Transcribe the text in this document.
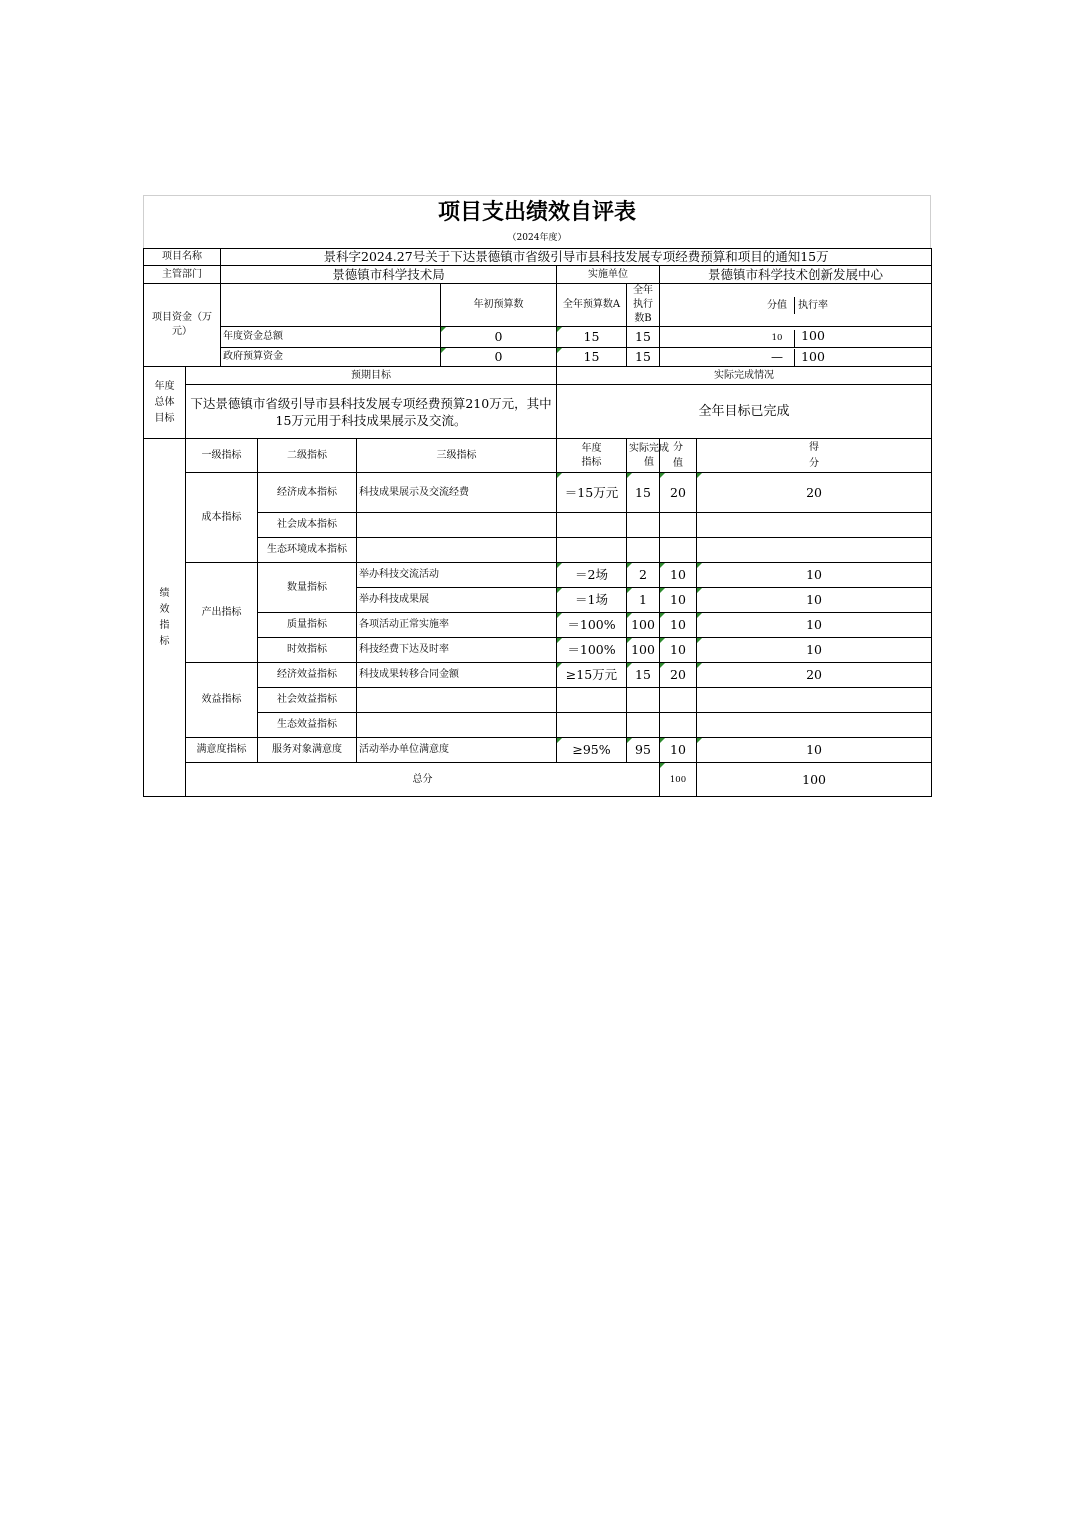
项目支出绩效自评表
（2024年度）
项目名称		景科字2024.27号关于下达景德镇市省级引导市县科技发展专项经费预算和项目的通知15万								
主管部门		景德镇市科学技术局				实施单位		景德镇市科学技术创新发展中心		
项目资金（万元）					年初预算数	全年预算数A	全年执行数B	分值 执行率	
		年度资金总额			0	15	15	10 100	
		政府预算资金			0	15	15	— 100	
年度总体目标	预期目标					实际完成情况				
	下达景德镇市省级引导市县科技发展专项经费预算210万元，其中15万元用于科技成果展示及交流。					全年目标已完成				
绩效指标	一级指标		二级指标	三级指标		年度指标	实际完成值	分值	得分	
	成本指标		经济成本指标	科技成果展示及交流经费		＝15万元	15	20	20	
			社会成本指标							
			生态环境成本指标							
	产出指标		数量指标	举办科技交流活动		＝2场	2	10	10	
				举办科技成果展		＝1场	1	10	10	
			质量指标	各项活动正常实施率		＝100%	100	10	10	
			时效指标	科技经费下达及时率		＝100%	100	10	10	
	效益指标		经济效益指标	科技成果转移合同金额		≥15万元	15	20	20	
			社会效益指标							
			生态效益指标							
	满意度指标		服务对象满意度	活动举办单位满意度		≥95%	95	10	10	
	总分							100	100	
